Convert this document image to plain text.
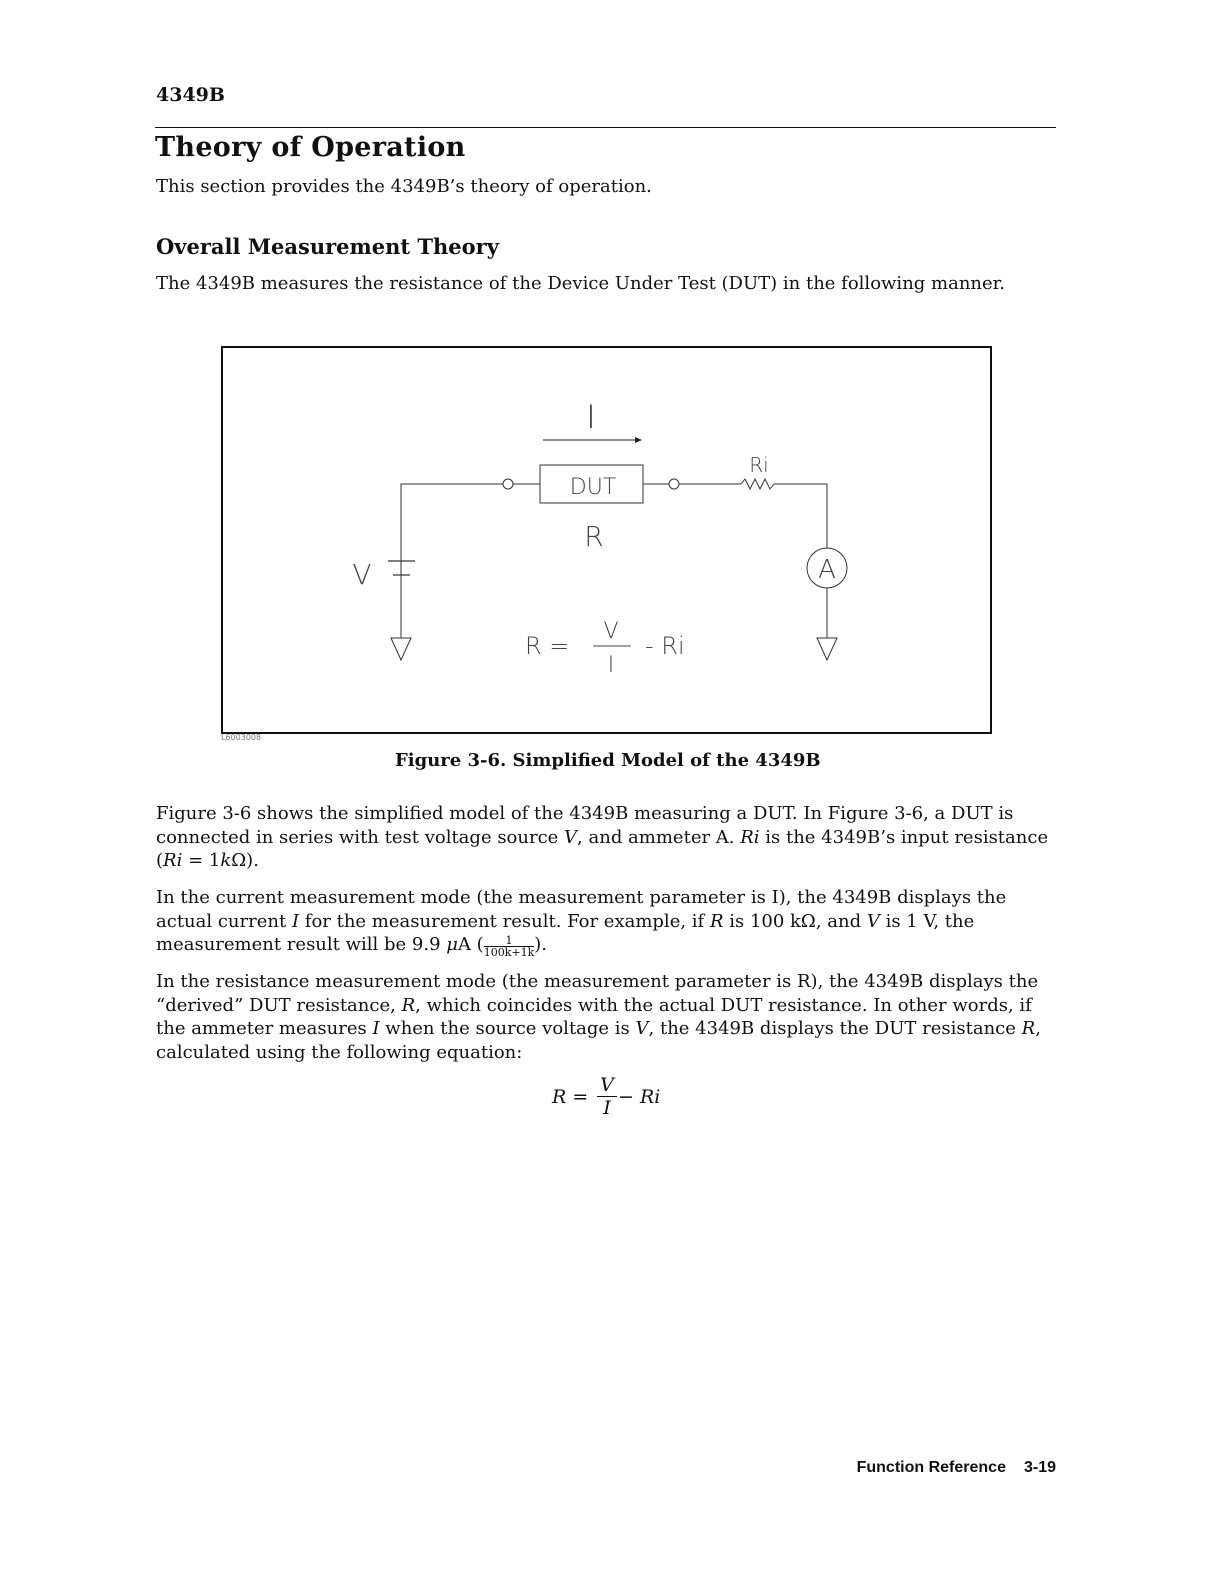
4349B
Theory of Operation
This section provides the 4349B’s theory of operation.
Overall Measurement Theory
The 4349B measures the resistance of the Device Under Test (DUT) in the following manner.
I
DUT
Ri
R
V	A
R =
V
I
- Ri
L6003008
Figure 3-6. Simplified Model of the 4349B

Figure 3-6 shows the simplified model of the 4349B measuring a DUT. In Figure 3-6, a DUT is connected in series with test voltage source V, and ammeter A. Ri is the 4349B’s input resistance (Ri = 1kΩ).

In the current measurement mode (the measurement parameter is I), the 4349B displays the actual current I for the measurement result. For example, if R is 100 kΩ, and V is 1 V, the measurement result will be 9.9 μA ( $\frac{1}{100k+1k}$ ).

In the resistance measurement mode (the measurement parameter is R), the 4349B displays the “derived” DUT resistance, R, which coincides with the actual DUT resistance. In other words, if the ammeter measures I when the source voltage is V, the 4349B displays the DUT resistance R, calculated using the following equation:

R =
V
I − Ri
Function Reference 3-19
